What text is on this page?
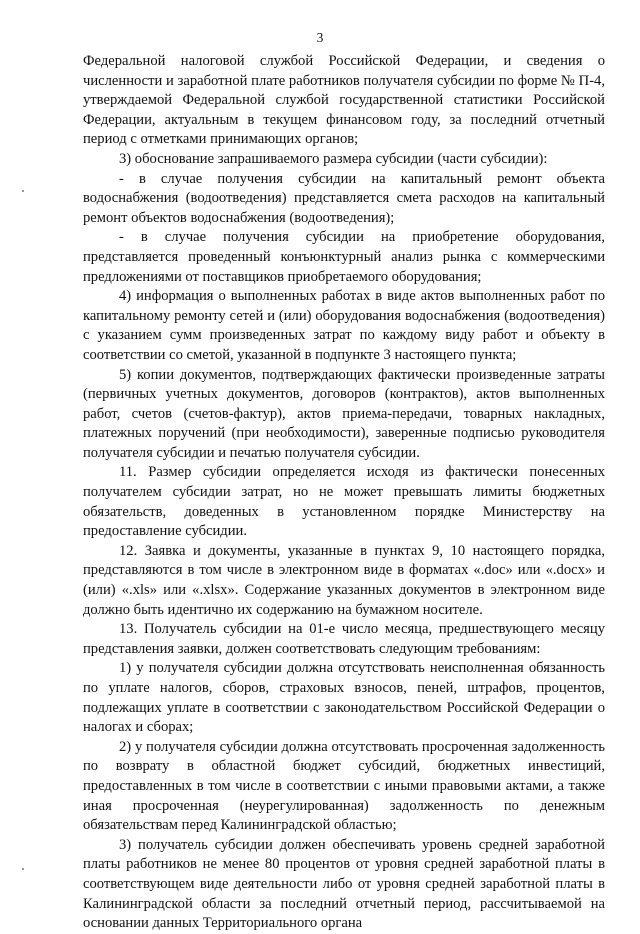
3

Федеральной налоговой службой Российской Федерации, и сведения о численности и заработной плате работников получателя субсидии по форме № П-4, утверждаемой Федеральной службой государственной статистики Российской Федерации, актуальным в текущем финансовом году, за последний отчетный период с отметками принимающих органов;

3) обоснование запрашиваемого размера субсидии (части субсидии):

- в случае получения субсидии на капитальный ремонт объекта водоснабжения (водоотведения) представляется смета расходов на капитальный ремонт объектов водоснабжения (водоотведения);

- в случае получения субсидии на приобретение оборудования, представляется проведенный конъюнктурный анализ рынка с коммерческими предложениями от поставщиков приобретаемого оборудования;

4) информация о выполненных работах в виде актов выполненных работ по капитальному ремонту сетей и (или) оборудования водоснабжения (водоотведения) с указанием сумм произведенных затрат по каждому виду работ и объекту в соответствии со сметой, указанной в подпункте 3 настоящего пункта;

5) копии документов, подтверждающих фактически произведенные затраты (первичных учетных документов, договоров (контрактов), актов выполненных работ, счетов (счетов-фактур), актов приема-передачи, товарных накладных, платежных поручений (при необходимости), заверенные подписью руководителя получателя субсидии и печатью получателя субсидии.

11. Размер субсидии определяется исходя из фактически понесенных получателем субсидии затрат, но не может превышать лимиты бюджетных обязательств, доведенных в установленном порядке Министерству на предоставление субсидии.

12. Заявка и документы, указанные в пунктах 9, 10 настоящего порядка, представляются в том числе в электронном виде в форматах «.doc» или «.docx» и (или) «.xls» или «.xlsx». Содержание указанных документов в электронном виде должно быть идентично их содержанию на бумажном носителе.

13. Получатель субсидии на 01-е число месяца, предшествующего месяцу представления заявки, должен соответствовать следующим требованиям:

1) у получателя субсидии должна отсутствовать неисполненная обязанность по уплате налогов, сборов, страховых взносов, пеней, штрафов, процентов, подлежащих уплате в соответствии с законодательством Российской Федерации о налогах и сборах;

2) у получателя субсидии должна отсутствовать просроченная задолженность по возврату в областной бюджет субсидий, бюджетных инвестиций, предоставленных в том числе в соответствии с иными правовыми актами, а также иная просроченная (неурегулированная) задолженность по денежным обязательствам перед Калининградской областью;

3) получатель субсидии должен обеспечивать уровень средней заработной платы работников не менее 80 процентов от уровня средней заработной платы в соответствующем виде деятельности либо от уровня средней заработной платы в Калининградской области за последний отчетный период, рассчитываемой на основании данных Территориального органа
